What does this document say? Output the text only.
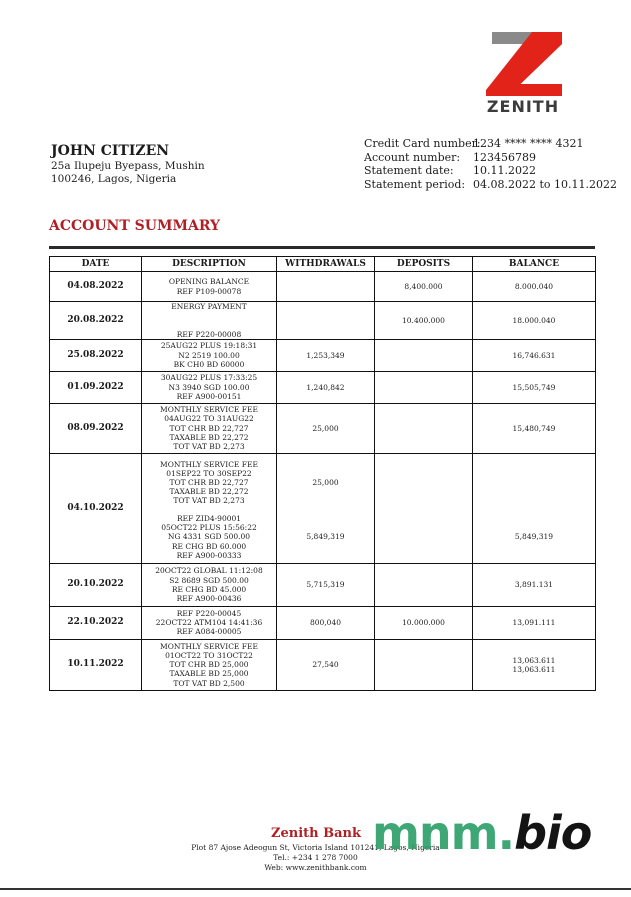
ZENITH
JOHN CITIZEN
25a Ilupeju Byepass, Mushin
100246, Lagos, Nigeria
Credit Card number:
1234 **** **** 4321
Account number:	123456789
Statement date:	10.11.2022
Statement period: 04.08.2022 to 10.11.2022
ACCOUNT SUMMARY
DATE	DESCRIPTION	WITHDRAWALS	DEPOSITS	BALANCE
04.08.2022	OPENING BALANCE
REF P109-00078		8,400.000	8.000.040
20.08.2022	ENERGY PAYMENT
REF P220-00008		10.400.000	18.000.040
25.08.2022	25AUG22 PLUS 19:18:31
N2 2519 100.00
BK CH0 BD 60000	1,253,349		16,746.631
01.09.2022	30AUG22 PLUS 17:33:25
N3 3940 SGD 100.00
REF A900-00151	1,240,842		15,505,749
08.09.2022	MONTHLY SERVICE FEE
04AUG22 TO 31AUG22
TOT CHR BD 22,727
TAXABLE BD 22,272
TOT VAT BD 2,273	25,000		15,480,749
04.10.2022	MONTHLY SERVICE FEE
01SEP22 TO 30SEP22
TOT CHR BD 22,727
TAXABLE BD 22,272
TOT VAT BD 2,273	25,000		

	REF ZID4-90001
05OCT22 PLUS 15:56:22
NG 4331 SGD 500.00
RE CHG BD 60.000
REF A900-00333	5,849,319		5,849,319
20.10.2022	20OCT22 GLOBAL 11:12:08
S2 8689 SGD 500.00
RE CHG BD 45.000
REF A900-00436	5,715,319		3,891.131
22.10.2022	REF P220-00045
22OCT22 ATM104 14:41:36
REF A084-00005	800,040	10.000.000	13,091.111
10.11.2022	MONTHLY SERVICE FEE
01OCT22 TO 31OCT22
TOT CHR BD 25,000
TAXABLE BD 25,000
TOT VAT BD 2,500	27,540		13,063.611
13,063.611
Zenith Bank
Plot 87 Ajose Adeogun St, Victoria Island 101241, Lagos, Nigeria
Tel.: +234 1 278 7000
Web: www.zenithbank.com
mnm.bio
